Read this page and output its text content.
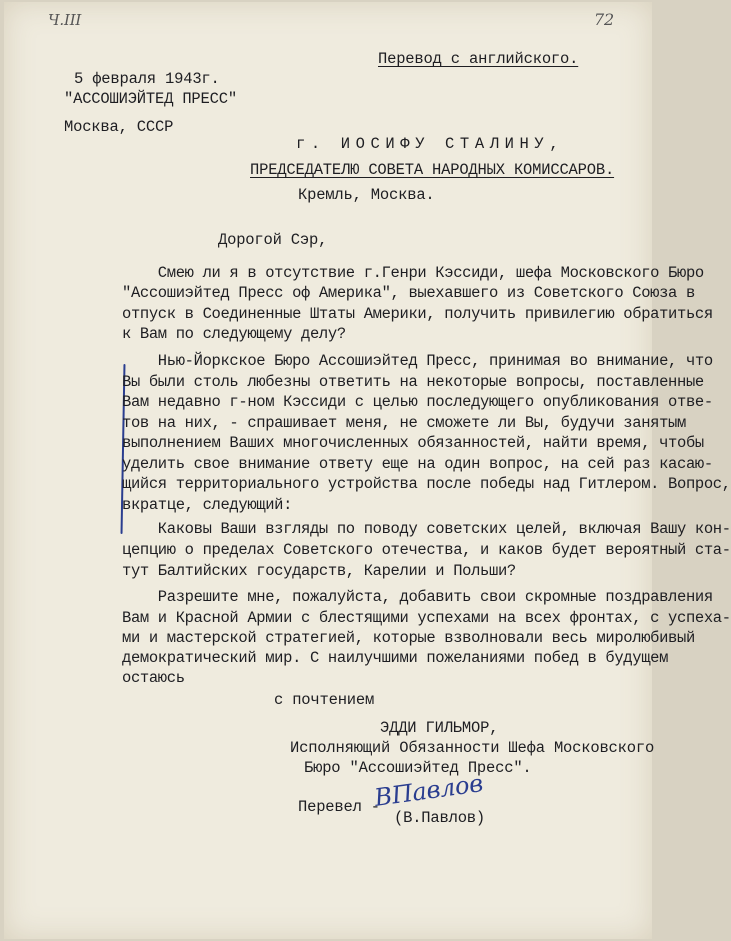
Ч.III	72
Перевод с английского.
5 февраля 1943г.
"АССОШИЭЙТЕД ПРЕСС"
Москва, СССР
г. ИОСИФУ СТАЛИНУ,
ПРЕДСЕДАТЕЛЮ СОВЕТА НАРОДНЫХ КОМИССАРОВ.
Кремль, Москва.
Дорогой Сэр,
Смею ли я в отсутствие г.Генри Кэссиди, шефа Московского Бюро
"Ассошиэйтед Пресс оф Америка", выехавшего из Советского Союза в
отпуск в Соединенные Штаты Америки, получить привилегию обратиться
к Вам по следующему делу?
Нью-Йоркское Бюро Ассошиэйтед Пресс, принимая во внимание, что
Вы были столь любезны ответить на некоторые вопросы, поставленные
Вам недавно г-ном Кэссиди с целью последующего опубликования отве-
тов на них, - спрашивает меня, не сможете ли Вы, будучи занятым
выполнением Ваших многочисленных обязанностей, найти время, чтобы
уделить свое внимание ответу еще на один вопрос, на сей раз касаю-
щийся территориального устройства после победы над Гитлером. Вопрос,
вкратце, следующий:
Каковы Ваши взгляды по поводу советских целей, включая Вашу кон-
цепцию о пределах Советского отечества, и каков будет вероятный ста-
тут Балтийских государств, Карелии и Польши?
Разрешите мне, пожалуйста, добавить свои скромные поздравления
Вам и Красной Армии с блестящими успехами на всех фронтах, с успеха-
ми и мастерской стратегией, которые взволновали весь миролюбивый
демократический мир. С наилучшими пожеланиями побед в будущем
остаюсь
с почтением
ЭДДИ ГИЛЬМОР,
Исполняющий Обязанности Шефа Московского
Бюро "Ассошиэйтед Пресс".
Перевел -
ВПавлов
(В.Павлов)
